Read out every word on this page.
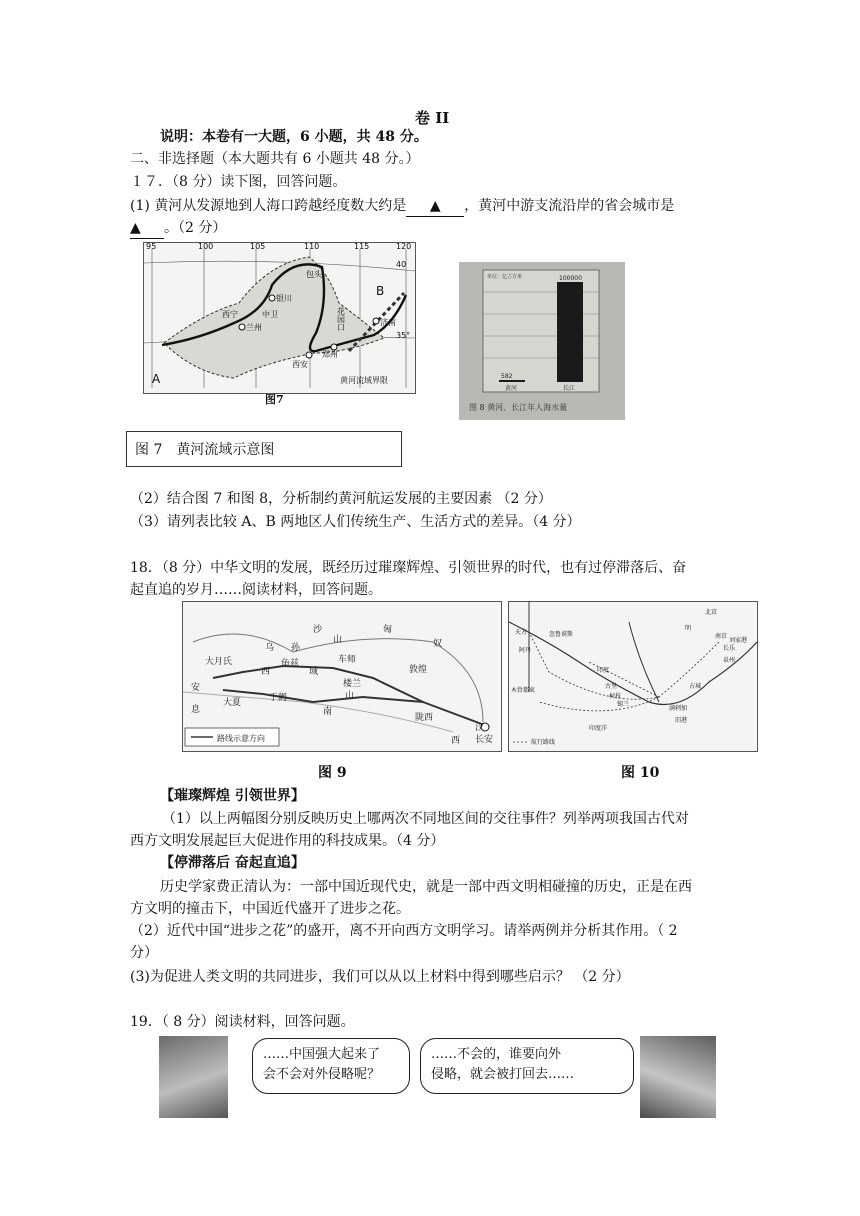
卷 II
说明：本卷有一大题，6 小题，共 48 分。
二、非选择题（本大题共有 6 小题共 48 分。）
１７．（8 分）读下图，回答问题。
(1) 黄河从发源地到人海口跨越经度数大约是 ▲ ，黄河中游支流沿岸的省会城市是
▲ 。（2 分）
95	100	105	110	115	120
40
35°
银川
中卫
西宁
兰州
西安
郑州
济南
包头
花园口
黄河流域界限
A
B
图7
单位：亿立方米
582
黄河
100000
长江
图 8 黄河、长江年人海水量
图 7　黄河流域示意图
（2）结合图 7 和图 8，分析制约黄河航运发展的主要因素 （2 分）
（3）请列表比较 A、B 两地区人们传统生产、生活方式的差异。（4 分）
18．（8 分）中华文明的发展，既经历过璀璨辉煌、引领世界的时代，也有过停滞落后、奋
起直追的岁月……阅读材料，回答问题。
沙	匈
奴
乌 孙
山
大月氏
西	域
安
息
大夏
南
山
楼兰
于阗
敦煌
陇西
长安
西
汉
车师
龟兹
路线示意方向
北京
明
南京
长乐
刘家港
泉州
天方	忽鲁谟斯
阿丹
木骨都束
锡兰
古里
柯枝
满剌加
旧港
占城
印度洋
印度
航行路线
图 9	图 10
【璀璨辉煌 引领世界】
（1）以上两幅图分别反映历史上哪两次不同地区间的交往事件？列举两项我国古代对
西方文明发展起巨大促进作用的科技成果。（4 分）
【停滞落后 奋起直追】
历史学家费正清认为：一部中国近现代史，就是一部中西文明相碰撞的历史，正是在西
方文明的撞击下，中国近代盛开了进步之花。
（2）近代中国“进步之花”的盛开，离不开向西方文明学习。请举两例并分析其作用。（ 2
分）
(3)为促进人类文明的共同进步，我们可以从以上材料中得到哪些启示？ （2 分）
19．（ 8 分）阅读材料，回答问题。
……中国强大起来了
会不会对外侵略呢？
……不会的，谁要向外
侵略，就会被打回去……
